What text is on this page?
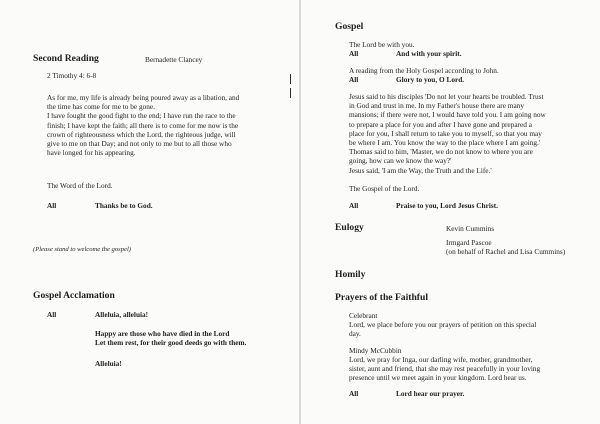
Second Reading	Bernadette Clancey
2 Timothy 4: 6-8
As for me, my life is already being poured away as a libation, and
the time has come for me to be gone.
I have fought the good fight to the end; I have run the race to the
finish; I have kept the faith; all there is to come for me now is the
crown of righteousness which the Lord, the righteous judge, will
give to me on that Day; and not only to me but to all those who
have longed for his appearing.
The Word of the Lord.
All	Thanks be to God.
(Please stand to welcome the gospel)
Gospel Acclamation
All	Alleluia, alleluia!
Happy are those who have died in the Lord
Let them rest, for their good deeds go with them.
Alleluia!
Gospel
The Lord be with you.
All	And with your spirit.
A reading from the Holy Gospel according to John.
All	Glory to you, O Lord.
Jesus said to his disciples 'Do not let your hearts be troubled. Trust
in God and trust in me. In my Father's house there are many
mansions; if there were not, I would have told you. I am going now
to prepare a place for you and after I have gone and prepared a
place for you, I shall return to take you to myself, so that you may
be where I am. You know the way to the place where I am going.'
Thomas said to him, 'Master, we do not know to where you are
going, how can we know the way?'
Jesus said, 'I am the Way, the Truth and the Life.'
The Gospel of the Lord.
All	Praise to you, Lord Jesus Christ.
Eulogy	Kevin Cummins
Irmgard Pascoe
(on behalf of Rachel and Lisa Cummins)
Homily
Prayers of the Faithful
Celebrant
Lord, we place before you our prayers of petition on this special
day.
Mindy McCubbin
Lord, we pray for Inga, our darling wife, mother, grandmother,
sister, aunt and friend, that she may rest peacefully in your loving
presence until we meet again in your kingdom. Lord hear us.
All	Lord hear our prayer.
